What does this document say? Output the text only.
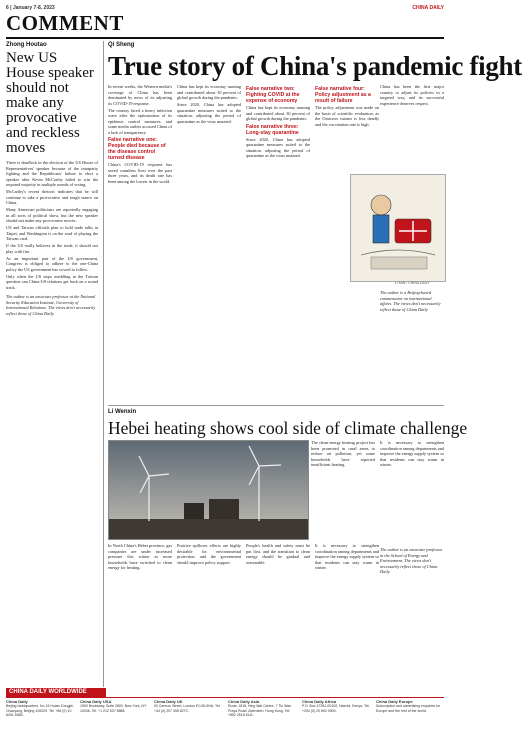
6 | January 7-8, 2023	CHINA DAILY
COMMENT
Zhong Houtao
New US House speaker should not make any provocative and reckless moves

There is deadlock in the election of the US House of Representatives' speaker because of the intraparty fighting and the Republicans' failure to elect a speaker after Kevin McCarthy failed to win the required majority in multiple rounds of voting.

McCarthy's recent rhetoric indicates that he will continue to take a provocative and tough stance on China.

Many American politicians are reportedly engaging in all sorts of political show, but the new speaker should not make any provocative moves.

US and Taiwan officials plan to hold trade talks in Taipei, and Washington is on the road of playing the Taiwan card.

If the US really believes in the trade, it should not play with fire.

As an important part of the US government, Congress is obliged to adhere to the one-China policy the US government has vowed to follow.

Only when the US stops meddling in the Taiwan question can China-US relations get back on a sound track.

The author is an associate professor at the National Security Education Institute, University of International Relations. The views don't necessarily reflect those of China Daily.

Qi Sheng
True story of China's pandemic fight

In recent weeks, the Western media's coverage of China has been dominated by news of its adjusting its COVID-19 response.

The country faced a heavy infection wave after the optimization of its epidemic control measures, and some media outlets accused China of a lack of transparency.

False narrative one: People died because of the disease control turned disease

China's COVID-19 response has saved countless lives over the past three years, and its death rate has been among the lowest in the world.

China has kept its economy running and contributed about 30 percent of global growth during the pandemic.

Since 2020, China has adopted quarantine measures suited to the situation, adjusting the period of quarantine as the virus mutated.

False narrative two: Fighting COVID at the expense of economy

China has kept its economy running and contributed about 30 percent of global growth during the pandemic.

False narrative three: Long-stay quarantine

Since 2020, China has adopted quarantine measures suited to the situation, adjusting the period of quarantine as the virus mutated.

False narrative four: Policy adjustment as a result of failure

The policy adjustment was made on the basis of scientific evaluation, as the Omicron variant is less deadly and the vaccination rate is high.

China has been the first major country to adjust its policies in a targeted way, and its successful experience deserves respect.

LI MIN / CHINA DAILY
The author is a Beijing-based commentator on international affairs. The views don't necessarily reflect those of China Daily.
Li Wenxin
Hebei heating shows cool side of climate challenge

The clean energy heating project has been promoted in rural areas to reduce air pollution, yet some households have reported insufficient heating.

It is necessary to strengthen coordination among departments and improve the energy supply system so that residents can stay warm in winter.

In North China's Hebei province, gas companies are under increased pressure this winter as more households have switched to clean energy for heating.

Positive spillover effects are highly desirable for environmental protection, and the government should improve policy support.

People's health and safety must be put first, and the transition to clean energy should be gradual and reasonable.

It is necessary to strengthen coordination among departments and improve the energy supply system so that residents can stay warm in winter.

The author is an associate professor at the School of Energy and Environment. The views don't necessarily reflect those of China Daily.

CHINA DAILY WORLDWIDE
China Daily
Beijing headquarters, No 15 Huixin Dongjie, Chaoyang, Beijing 100029. Tel: +86 (0) 10 6491 8366.
China Daily USA
1500 Broadway, Suite 2800, New York, NY 10036. Tel: +1 212 537 8888.
China Daily UK
90 Cannon Street, London EC4N 6HA. Tel: +44 (0) 207 398 8270.
China Daily Asia
Room 1818, Hing Wai Centre, 7 Tin Wan Praya Road, Aberdeen, Hong Kong. Tel: +852 2518 5111.
China Daily Africa
P.O. Box 27281-00100, Nairobi, Kenya. Tel: +254 (0) 20 692 0900.
China Daily Europe
Subscription and advertising enquiries for Europe and the rest of the world.
